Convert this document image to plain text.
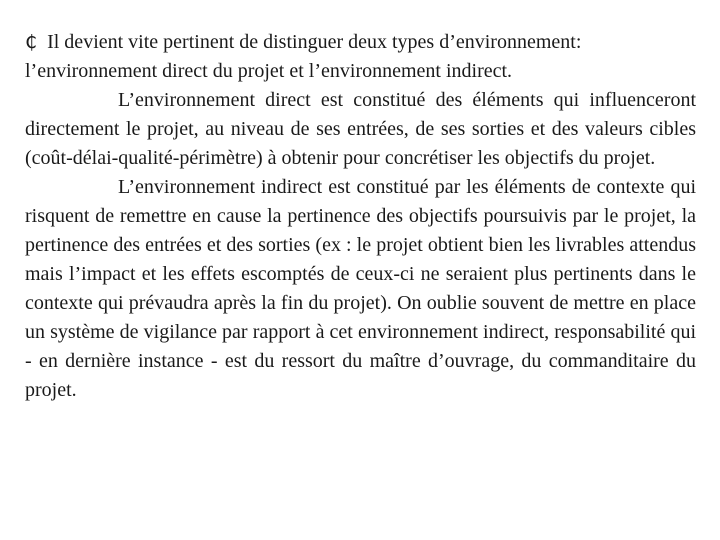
₵ Il devient vite pertinent de distinguer deux types d’environnement: l’environnement direct du projet et l’environnement indirect.

L’environnement direct est constitué des éléments qui influenceront directement le projet, au niveau de ses entrées, de ses sorties et des valeurs cibles (coût-délai-qualité-périmètre) à obtenir pour concrétiser les objectifs du projet.

L’environnement indirect est constitué par les éléments de contexte qui risquent de remettre en cause la pertinence des objectifs poursuivis par le projet, la pertinence des entrées et des sorties (ex : le projet obtient bien les livrables attendus mais l’impact et les effets escomptés de ceux-ci ne seraient plus pertinents dans le contexte qui prévaudra après la fin du projet). On oublie souvent de mettre en place un système de vigilance par rapport à cet environnement indirect, responsabilité qui - en dernière instance - est du ressort du maître d’ouvrage, du commanditaire du projet.
